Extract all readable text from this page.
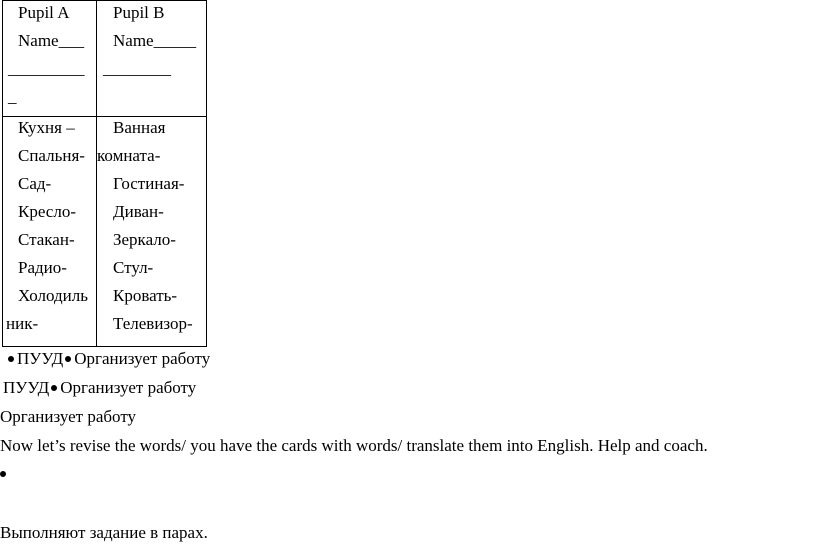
Pupil A
Name___
_________
_
Pupil B
Name_____
________
Кухня –
Спальня-
Сад-
Кресло-
Стакан-
Радио-
Холодиль
ник-
Ванная
комната-
Гостиная-
Диван-
Зеркало-
Стул-
Кровать-
Телевизор-
ПУУД Организует работу
ПУУД Организует работу
Организует работу
Now let’s revise the words/ you have the cards with words/ translate them into English. Help and coach.
Выполняют задание в парах.
